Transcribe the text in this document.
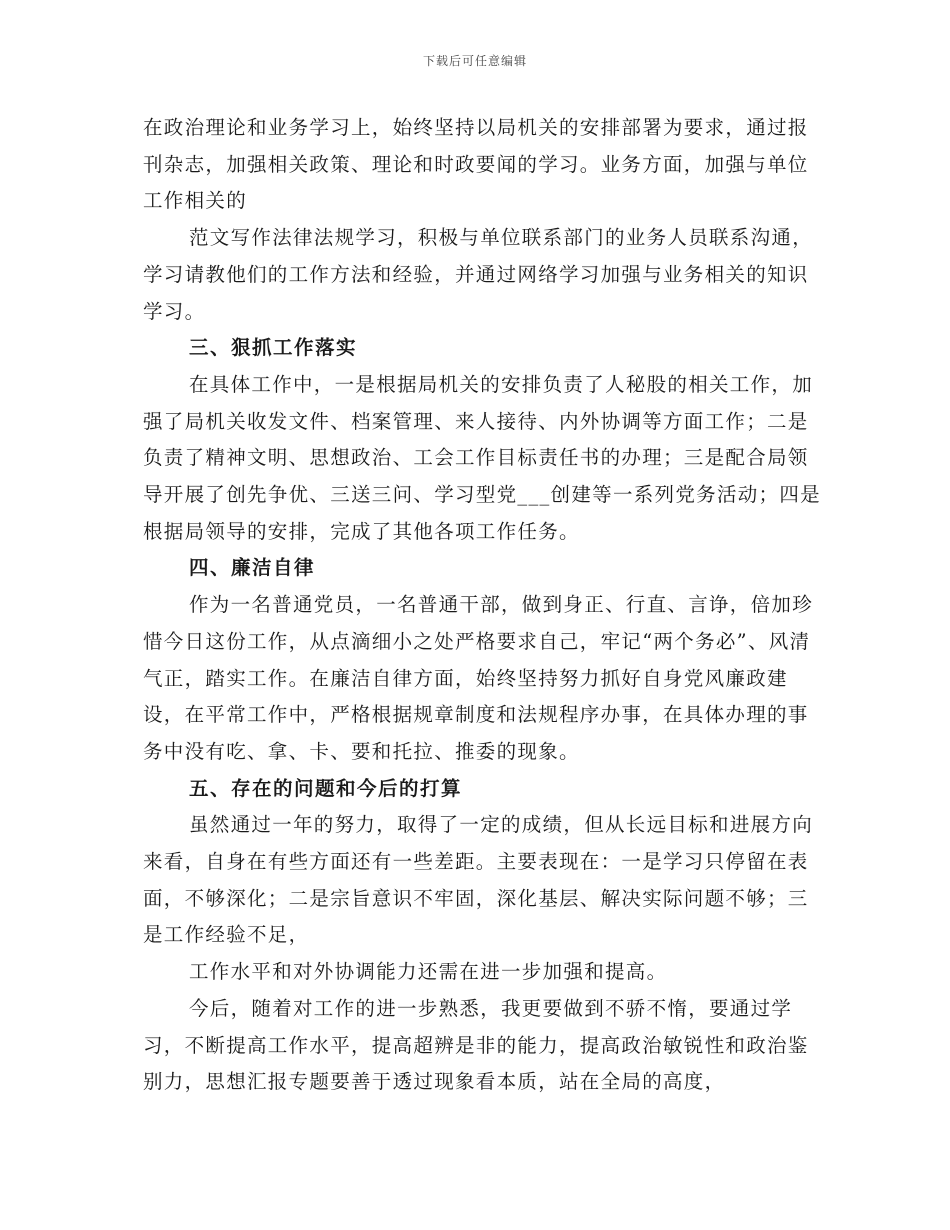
下载后可任意编辑

在政治理论和业务学习上，始终坚持以局机关的安排部署为要求，通过报刊杂志，加强相关政策、理论和时政要闻的学习。业务方面，加强与单位工作相关的

范文写作法律法规学习，积极与单位联系部门的业务人员联系沟通，学习请教他们的工作方法和经验，并通过网络学习加强与业务相关的知识学习。

三、狠抓工作落实

在具体工作中，一是根据局机关的安排负责了人秘股的相关工作，加强了局机关收发文件、档案管理、来人接待、内外协调等方面工作；二是负责了精神文明、思想政治、工会工作目标责任书的办理；三是配合局领导开展了创先争优、三送三问、学习型党___创建等一系列党务活动；四是根据局领导的安排，完成了其他各项工作任务。

四、廉洁自律

作为一名普通党员，一名普通干部，做到身正、行直、言诤，倍加珍惜今日这份工作，从点滴细小之处严格要求自己，牢记“两个务必”、风清气正，踏实工作。在廉洁自律方面，始终坚持努力抓好自身党风廉政建设，在平常工作中，严格根据规章制度和法规程序办事，在具体办理的事务中没有吃、拿、卡、要和托拉、推委的现象。

五、存在的问题和今后的打算

虽然通过一年的努力，取得了一定的成绩，但从长远目标和进展方向来看，自身在有些方面还有一些差距。主要表现在：一是学习只停留在表面，不够深化；二是宗旨意识不牢固，深化基层、解决实际问题不够；三是工作经验不足，

工作水平和对外协调能力还需在进一步加强和提高。

今后，随着对工作的进一步熟悉，我更要做到不骄不惰，要通过学习，不断提高工作水平，提高超辨是非的能力，提高政治敏锐性和政治鉴别力，思想汇报专题要善于透过现象看本质，站在全局的高度，
